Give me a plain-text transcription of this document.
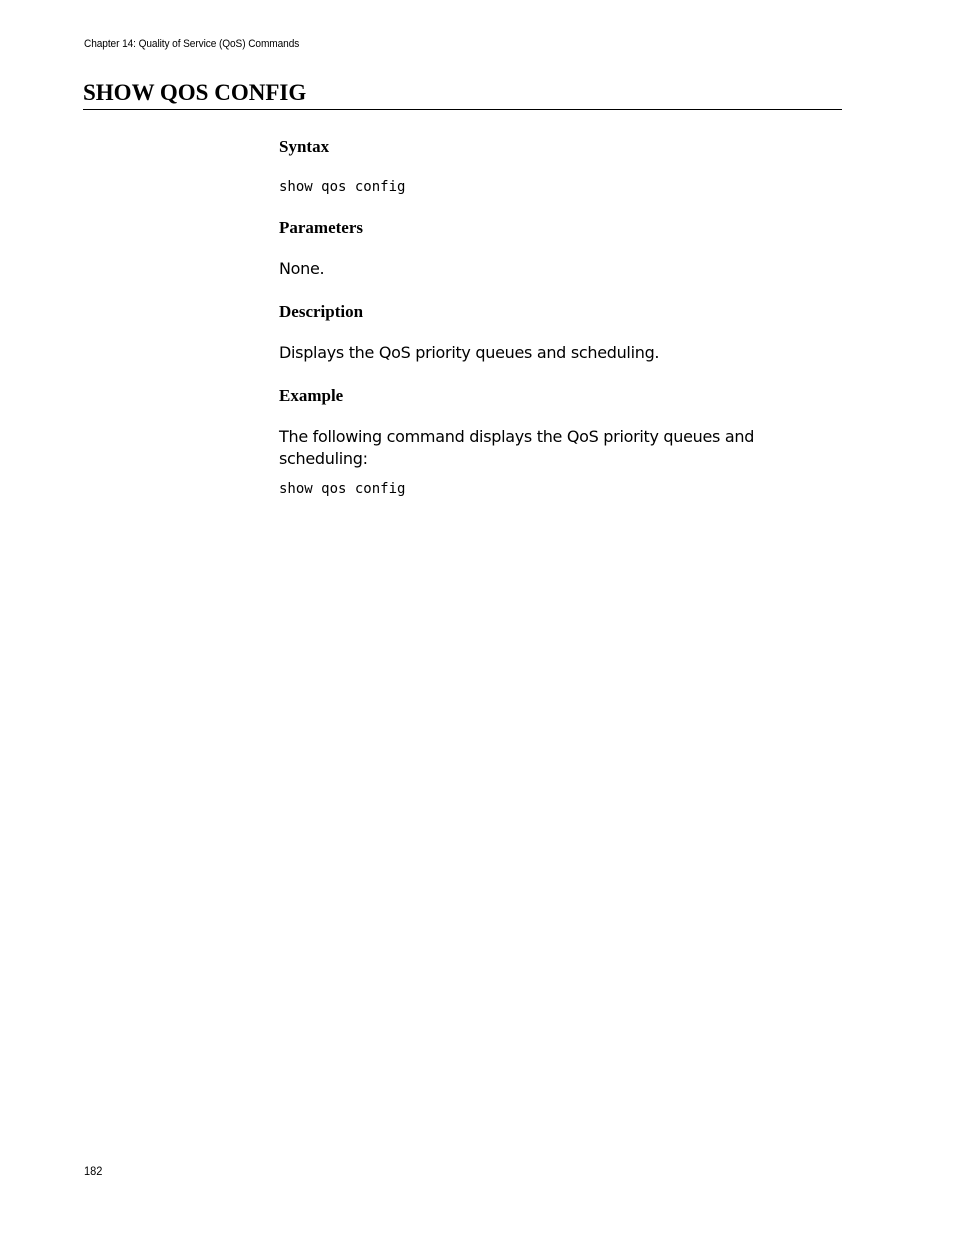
Chapter 14: Quality of Service (QoS) Commands
SHOW QOS CONFIG
Syntax
show qos config
Parameters

None.

Description

Displays the QoS priority queues and scheduling.

Example

The following command displays the QoS priority queues and scheduling:

show qos config
182
